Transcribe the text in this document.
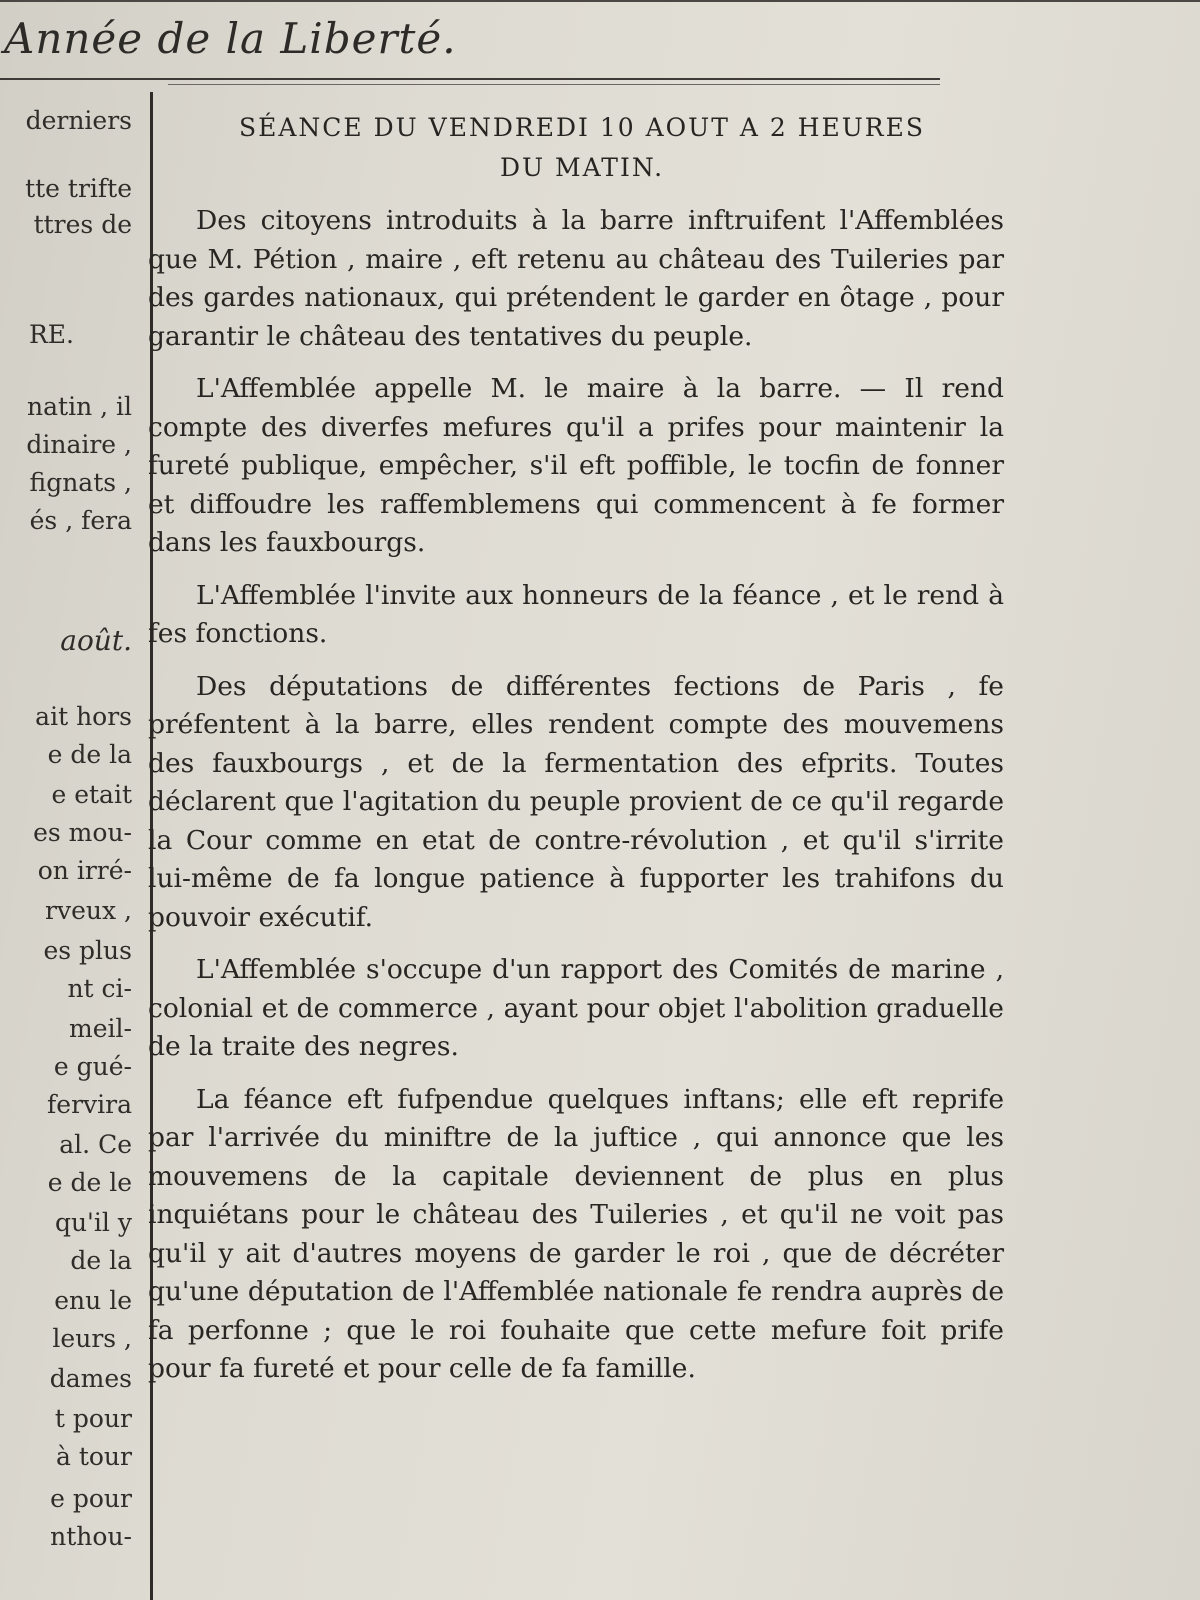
Année de la Liberté.
derniers
tte trifte
ttres de
RE.
natin , il
dinaire ,
fignats ,
és , fera
août.
ait hors
e de la
e etait
es mou-
on irré-
rveux ,
es plus
nt ci-
meil-
e gué-
fervira
al. Ce
e de le
qu'il y
de la
enu le
leurs ,
dames
t pour
à tour
e pour
nthou-
SÉANCE DU VENDREDI 10 AOUT A 2 HEURES
DU MATIN.

Des citoyens introduits à la barre inftruifent l'Affemblées que M. Pétion , maire , eft retenu au château des Tuileries par des gardes nationaux, qui prétendent le garder en ôtage , pour garantir le château des tentatives du peuple.

L'Affemblée appelle M. le maire à la barre. — Il rend compte des diverfes mefures qu'il a prifes pour maintenir la fureté publique, empêcher, s'il eft poffible, le tocfin de fonner et diffoudre les raffemblemens qui commencent à fe former dans les fauxbourgs.

L'Affemblée l'invite aux honneurs de la féance , et le rend à fes fonctions.

Des députations de différentes fections de Paris , fe préfentent à la barre, elles rendent compte des mouvemens des fauxbourgs , et de la fermentation des efprits. Toutes déclarent que l'agitation du peuple provient de ce qu'il regarde la Cour comme en etat de contre-révolution , et qu'il s'irrite lui-même de fa longue patience à fupporter les trahifons du pouvoir exécutif.

L'Affemblée s'occupe d'un rapport des Comités de marine , colonial et de commerce , ayant pour objet l'abolition graduelle de la traite des negres.

La féance eft fufpendue quelques inftans; elle eft reprife par l'arrivée du miniftre de la juftice , qui annonce que les mouvemens de la capitale deviennent de plus en plus inquiétans pour le château des Tuileries , et qu'il ne voit pas qu'il y ait d'autres moyens de garder le roi , que de décréter qu'une députation de l'Affemblée nationale fe rendra auprès de fa perfonne ; que le roi fouhaite que cette mefure foit prife pour fa fureté et pour celle de fa famille.
